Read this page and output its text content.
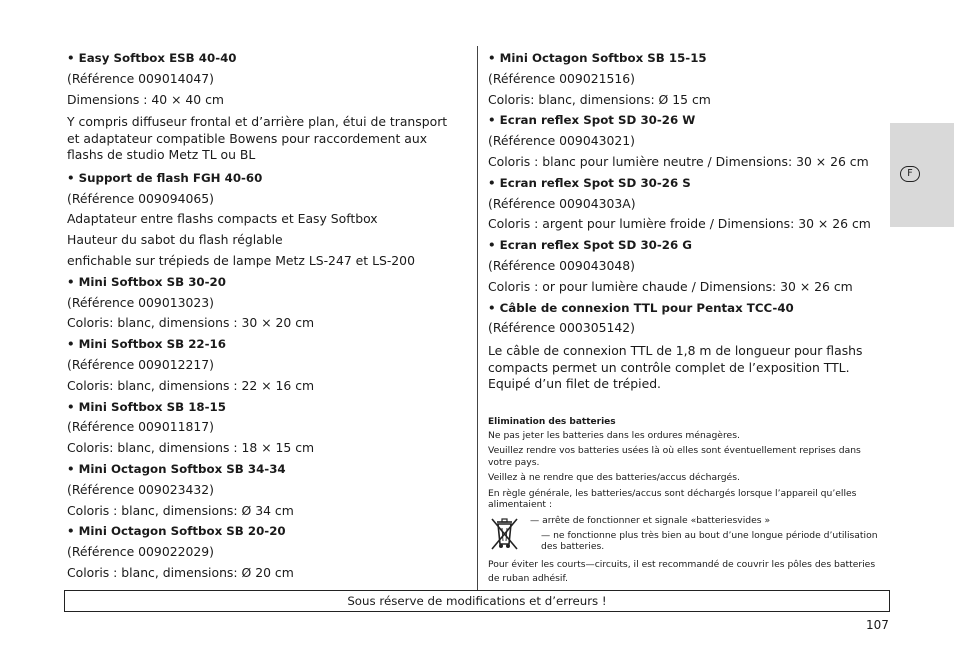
• Easy Softbox ESB 40-40
(Référence 009014047)
Dimensions : 40 × 40 cm
Y compris diffuseur frontal et d’arrière plan, étui de transport et adaptateur compatible Bowens pour raccordement aux flashs de studio Metz TL ou BL
• Support de flash FGH 40-60
(Référence 009094065)
Adaptateur entre flashs compacts et Easy Softbox
Hauteur du sabot du flash réglable
enfichable sur trépieds de lampe Metz LS-247 et LS-200
• Mini Softbox SB 30-20
(Référence 009013023)
Coloris: blanc, dimensions : 30 × 20 cm
• Mini Softbox SB 22-16
(Référence 009012217)
Coloris: blanc, dimensions : 22 × 16 cm
• Mini Softbox SB 18-15
(Référence 009011817)
Coloris: blanc, dimensions : 18 × 15 cm
• Mini Octagon Softbox SB 34-34
(Référence 009023432)
Coloris : blanc, dimensions: Ø 34 cm
• Mini Octagon Softbox SB 20-20
(Référence 009022029)
Coloris : blanc, dimensions: Ø 20 cm
• Mini Octagon Softbox SB 15-15
(Référence 009021516)
Coloris: blanc, dimensions: Ø 15 cm
• Ecran reflex Spot SD 30-26 W
(Référence 009043021)
Coloris : blanc pour lumière neutre / Dimensions: 30 × 26 cm
• Ecran reflex Spot SD 30-26 S
(Référence 00904303A)
Coloris : argent pour lumière froide / Dimensions: 30 × 26 cm
• Ecran reflex Spot SD 30-26 G
(Référence 009043048)
Coloris : or pour lumière chaude / Dimensions: 30 × 26 cm
• Câble de connexion TTL pour Pentax TCC-40
(Référence 000305142)
Le câble de connexion TTL de 1,8 m de longueur pour flashs compacts permet un contrôle complet de l’exposition TTL. Equipé d’un filet de trépied.
Elimination des batteries
Ne pas jeter les batteries dans les ordures ménagères.
Veuillez rendre vos batteries usées là où elles sont éventuellement reprises dans votre pays.
Veillez à ne rendre que des batteries/accus déchargés.
En règle générale, les batteries/accus sont déchargés lorsque l’appareil qu’elles alimentaient :
— arrête de fonctionner et signale «batteriesvides »
— ne fonctionne plus très bien au bout d’une longue période d’utilisation des batteries.
Pour éviter les courts—circuits, il est recommandé de couvrir les pôles des batteries de ruban adhésif.
F
Sous réserve de modifications et d’erreurs !
107
